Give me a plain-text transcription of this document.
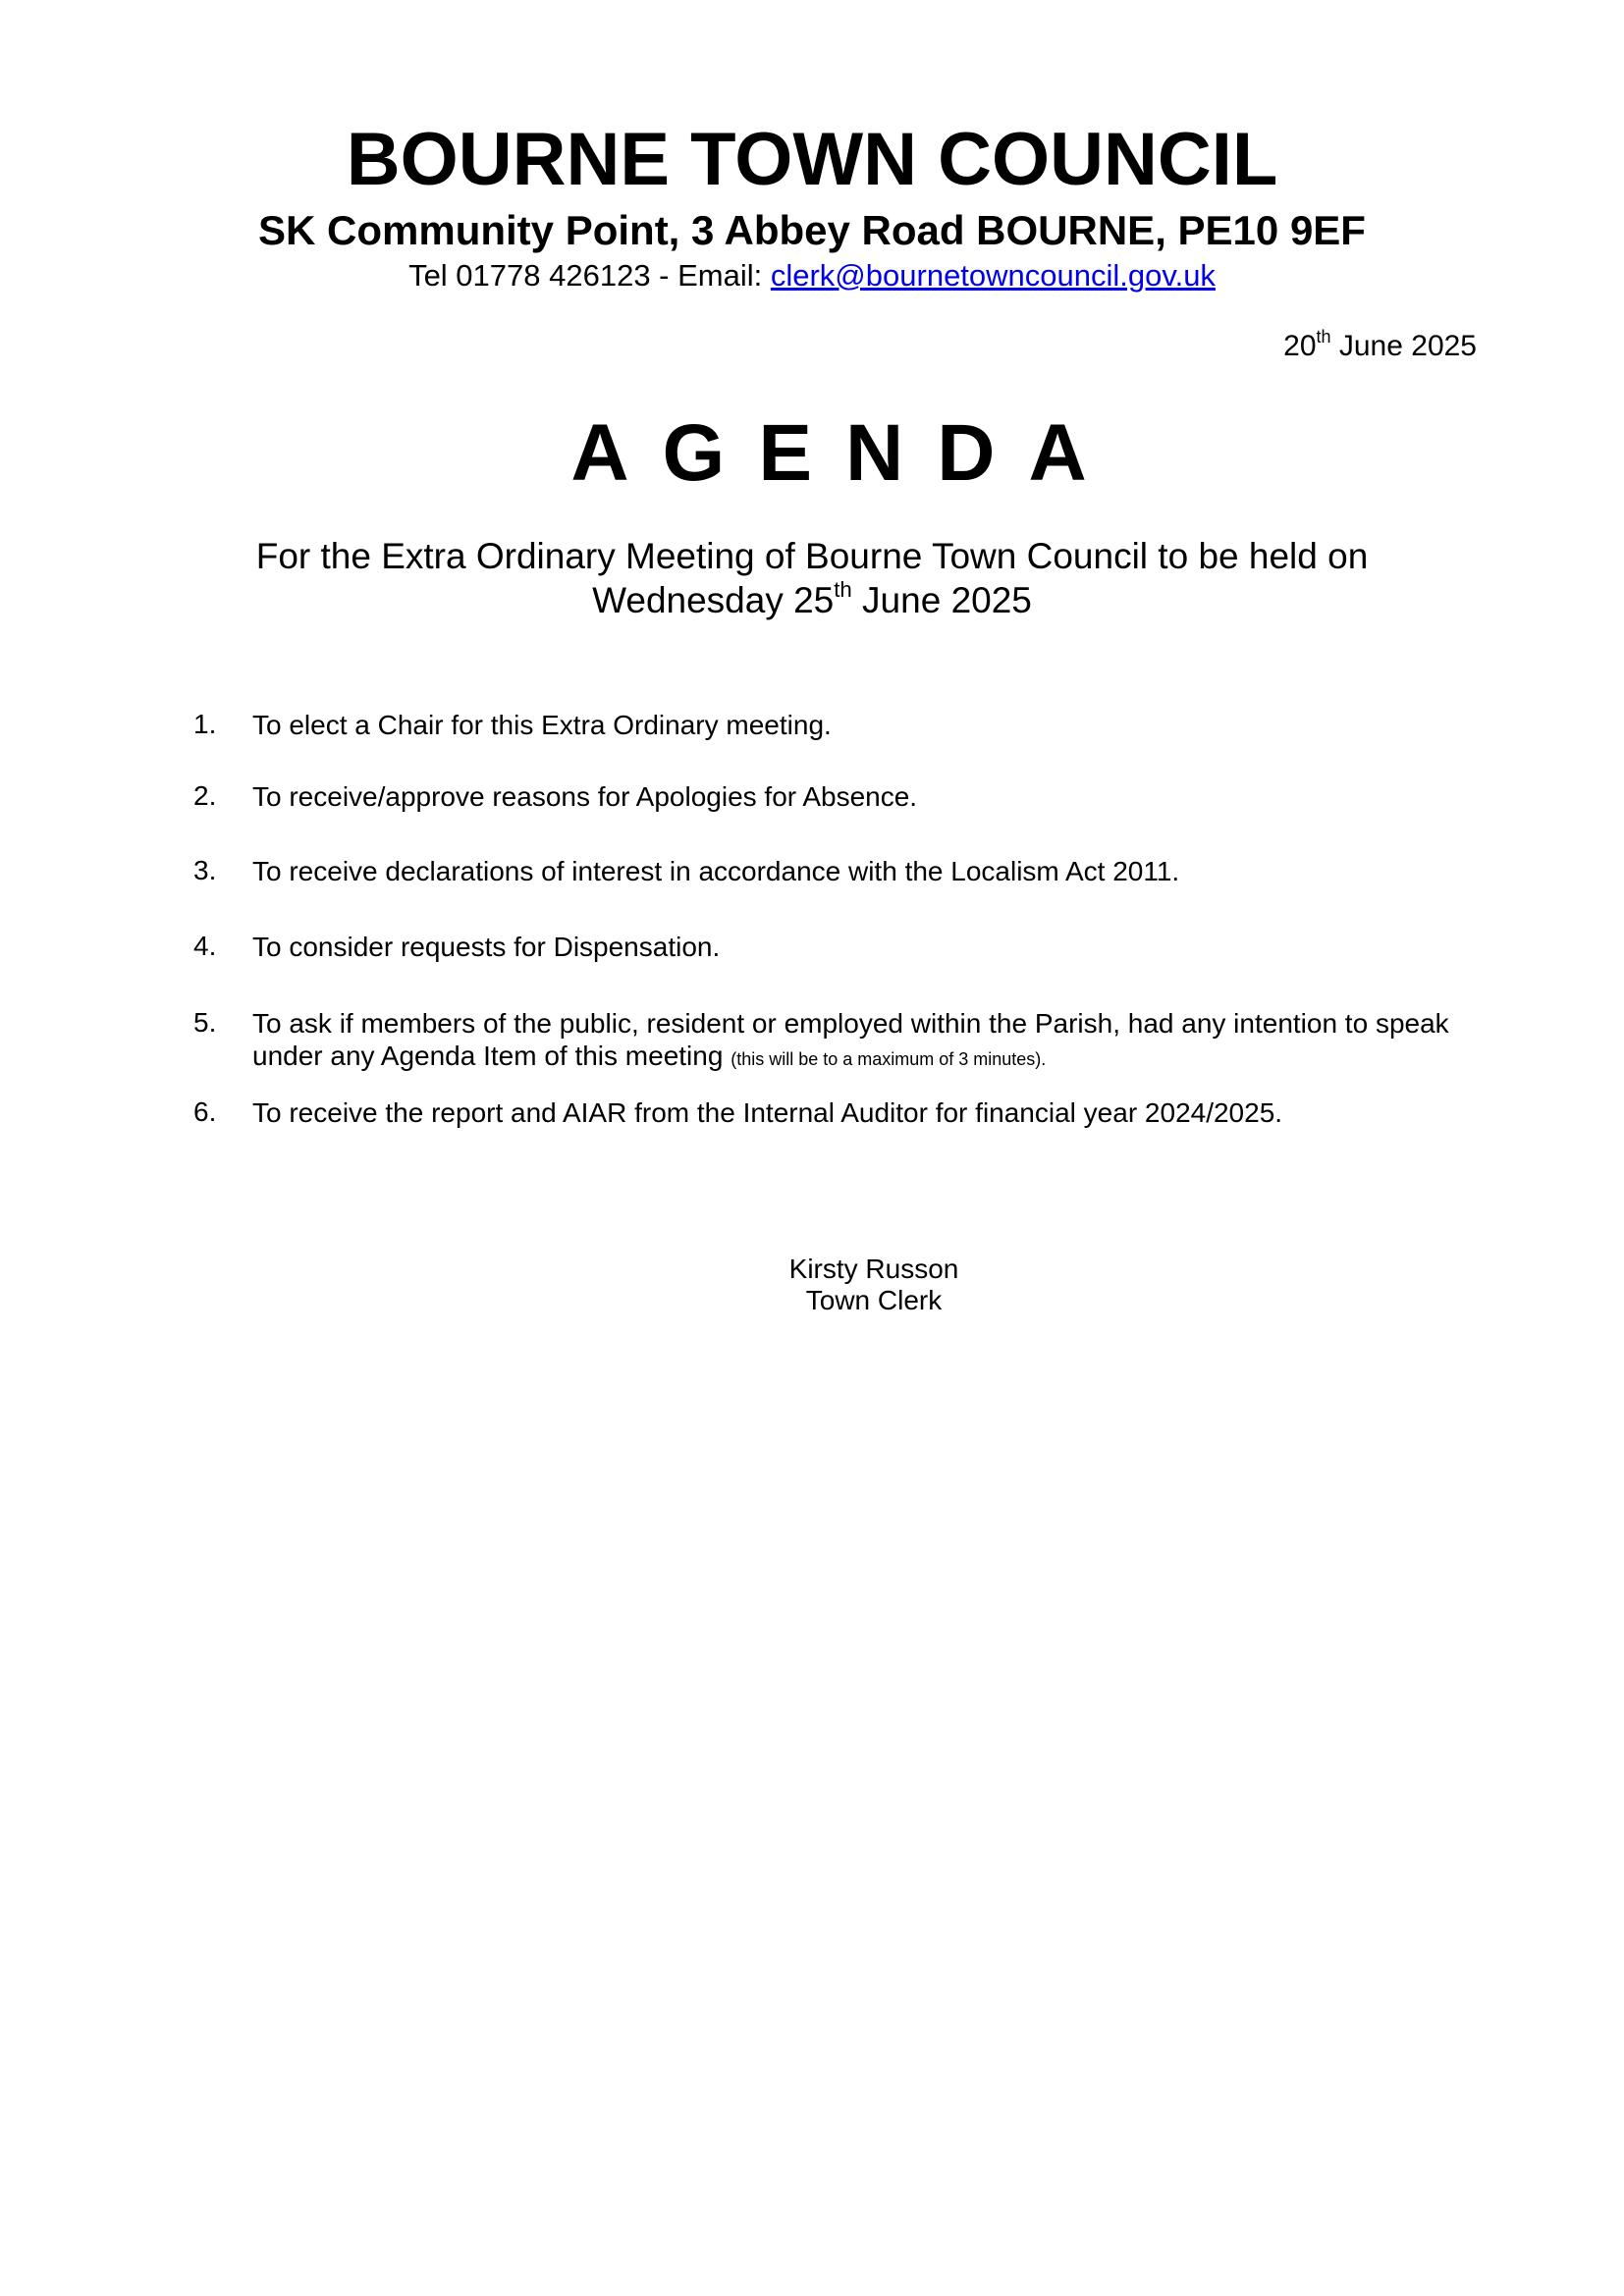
BOURNE TOWN COUNCIL
SK Community Point, 3 Abbey Road BOURNE, PE10 9EF
Tel 01778 426123 - Email: clerk@bournetowncouncil.gov.uk
20th June 2025
AGENDA
For the Extra Ordinary Meeting of Bourne Town Council to be held on
Wednesday 25th June 2025
1. To elect a Chair for this Extra Ordinary meeting.
2. To receive/approve reasons for Apologies for Absence.
3. To receive declarations of interest in accordance with the Localism Act 2011.
4. To consider requests for Dispensation.
5. To ask if members of the public, resident or employed within the Parish, had any intention to speak
under any Agenda Item of this meeting (this will be to a maximum of 3 minutes).
6. To receive the report and AIAR from the Internal Auditor for financial year 2024/2025.
Kirsty Russon
Town Clerk
